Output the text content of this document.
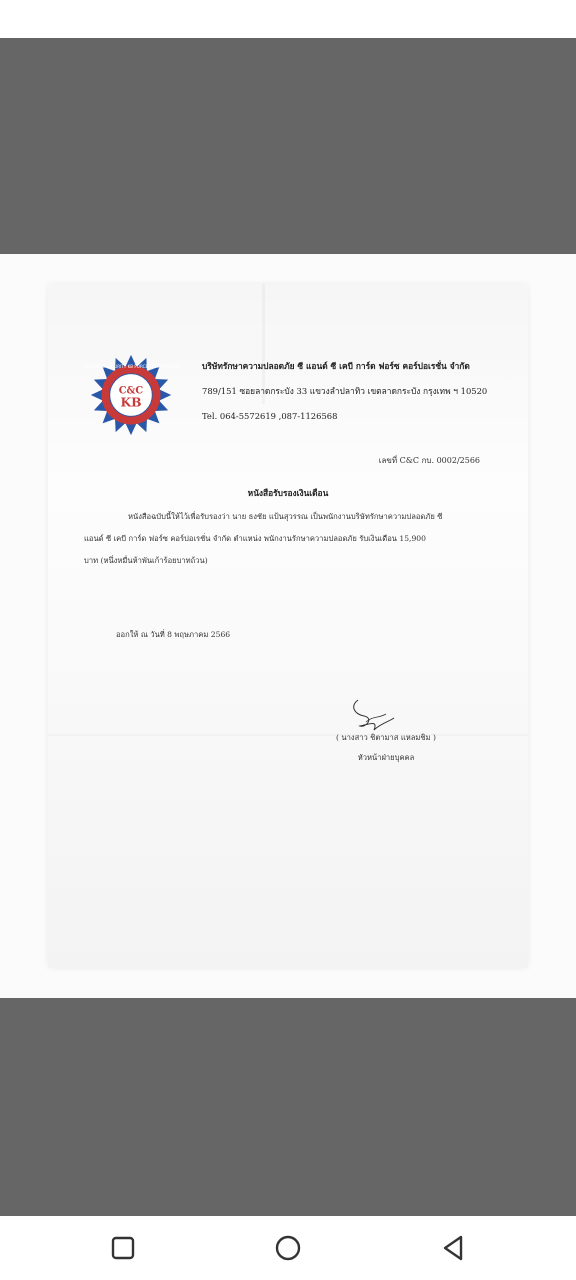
C&C
KB
CC GUARD SECURITY KB FORCE CORPORATION	บริษัทรักษาความปลอดภัย ซี แอนด์ ซี เคบี การ์ด ฟอร์ซ คอร์ปอเรชั่น จำกัด
789/151 ซอยลาดกระบัง 33 แขวงลำปลาทิว เขตลาดกระบัง กรุงเทพ ฯ 10520
Tel. 064-5572619 ,087-1126568
เลขที่ C&C กบ. 0002/2566
หนังสือรับรองเงินเดือน
หนังสือฉบับนี้ให้ไว้เพื่อรับรองว่า นาย ธงชัย แป้นสุวรรณ เป็นพนักงานบริษัทรักษาความปลอดภัย ซี
แอนด์ ซี เคบี การ์ด ฟอร์ซ คอร์ปอเรชั่น จำกัด ตำแหน่ง พนักงานรักษาความปลอดภัย รับเงินเดือน 15,900
บาท (หนึ่งหมื่นห้าพันเก้าร้อยบาทถ้วน)
ออกให้ ณ วันที่ 8 พฤษภาคม 2566
( นางสาว ชิตามาส แหลมชิม )
หัวหน้าฝ่ายบุคคล
